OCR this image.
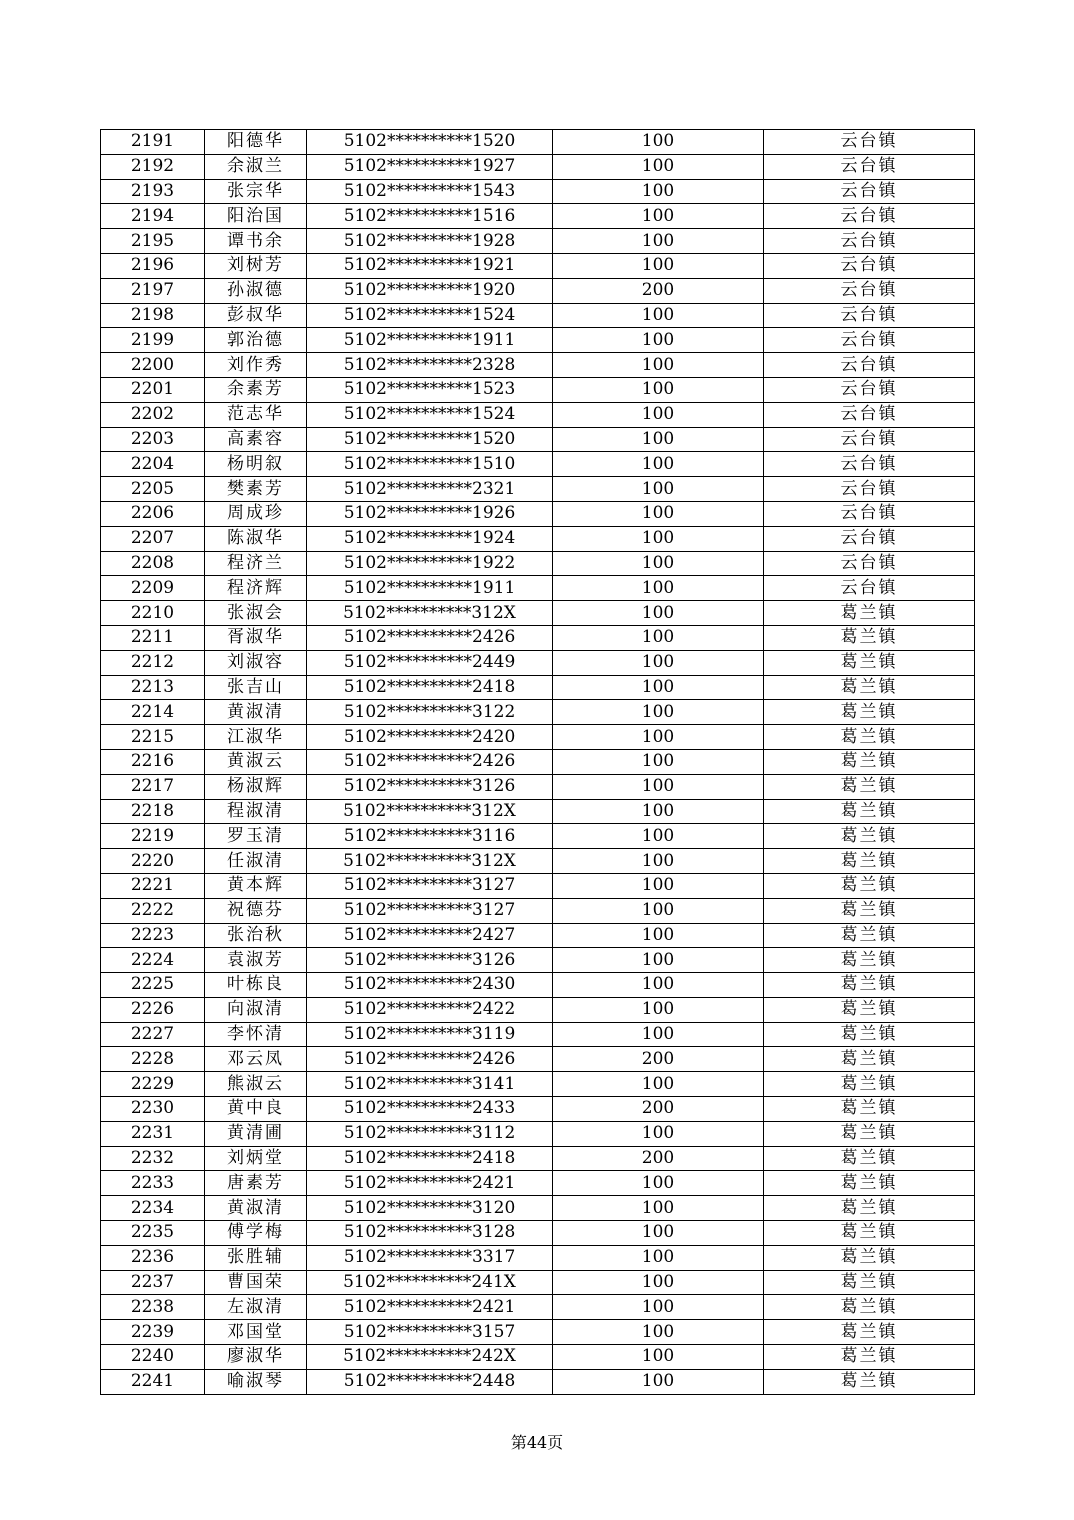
2191	阳德华	5102**********1520	100	云台镇
2192	余淑兰	5102**********1927	100	云台镇
2193	张宗华	5102**********1543	100	云台镇
2194	阳治国	5102**********1516	100	云台镇
2195	谭书余	5102**********1928	100	云台镇
2196	刘树芳	5102**********1921	100	云台镇
2197	孙淑德	5102**********1920	200	云台镇
2198	彭叔华	5102**********1524	100	云台镇
2199	郭治德	5102**********1911	100	云台镇
2200	刘作秀	5102**********2328	100	云台镇
2201	余素芳	5102**********1523	100	云台镇
2202	范志华	5102**********1524	100	云台镇
2203	高素容	5102**********1520	100	云台镇
2204	杨明叙	5102**********1510	100	云台镇
2205	樊素芳	5102**********2321	100	云台镇
2206	周成珍	5102**********1926	100	云台镇
2207	陈淑华	5102**********1924	100	云台镇
2208	程济兰	5102**********1922	100	云台镇
2209	程济辉	5102**********1911	100	云台镇
2210	张淑会	5102**********312X	100	葛兰镇
2211	胥淑华	5102**********2426	100	葛兰镇
2212	刘淑容	5102**********2449	100	葛兰镇
2213	张吉山	5102**********2418	100	葛兰镇
2214	黄淑清	5102**********3122	100	葛兰镇
2215	江淑华	5102**********2420	100	葛兰镇
2216	黄淑云	5102**********2426	100	葛兰镇
2217	杨淑辉	5102**********3126	100	葛兰镇
2218	程淑清	5102**********312X	100	葛兰镇
2219	罗玉清	5102**********3116	100	葛兰镇
2220	任淑清	5102**********312X	100	葛兰镇
2221	黄本辉	5102**********3127	100	葛兰镇
2222	祝德芬	5102**********3127	100	葛兰镇
2223	张治秋	5102**********2427	100	葛兰镇
2224	袁淑芳	5102**********3126	100	葛兰镇
2225	叶栋良	5102**********2430	100	葛兰镇
2226	向淑清	5102**********2422	100	葛兰镇
2227	李怀清	5102**********3119	100	葛兰镇
2228	邓云凤	5102**********2426	200	葛兰镇
2229	熊淑云	5102**********3141	100	葛兰镇
2230	黄中良	5102**********2433	200	葛兰镇
2231	黄清圃	5102**********3112	100	葛兰镇
2232	刘炳堂	5102**********2418	200	葛兰镇
2233	唐素芳	5102**********2421	100	葛兰镇
2234	黄淑清	5102**********3120	100	葛兰镇
2235	傅学梅	5102**********3128	100	葛兰镇
2236	张胜辅	5102**********3317	100	葛兰镇
2237	曹国荣	5102**********241X	100	葛兰镇
2238	左淑清	5102**********2421	100	葛兰镇
2239	邓国堂	5102**********3157	100	葛兰镇
2240	廖淑华	5102**********242X	100	葛兰镇
2241	喻淑琴	5102**********2448	100	葛兰镇
第44页
